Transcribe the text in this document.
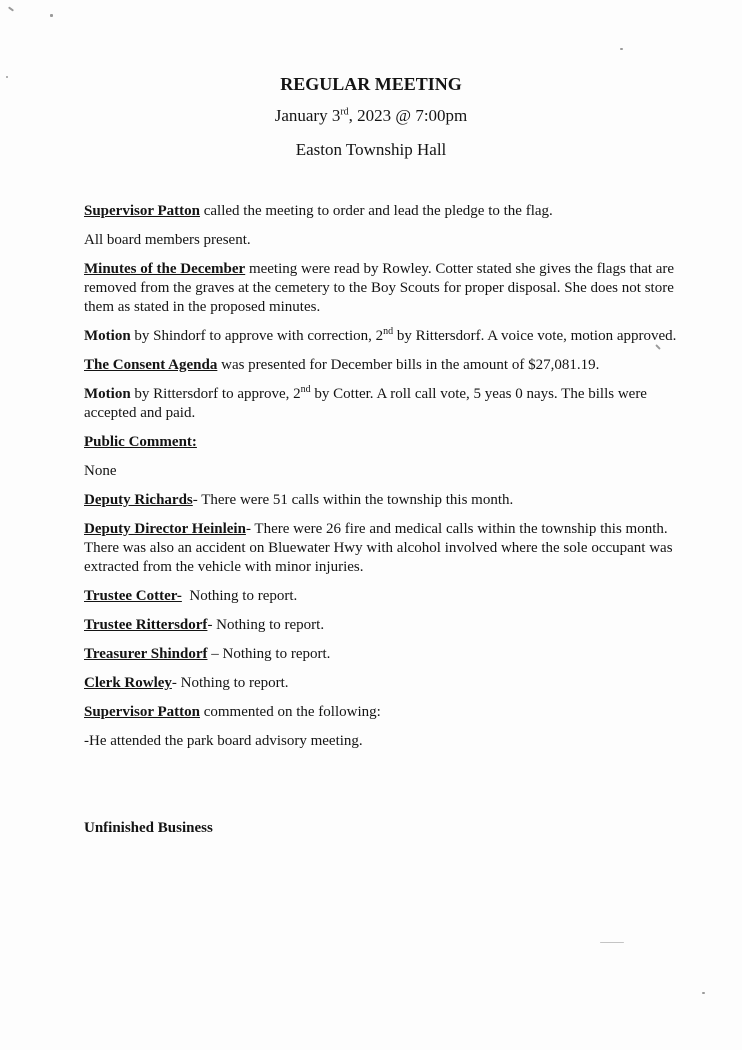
REGULAR MEETING
January 3rd, 2023 @ 7:00pm
Easton Township Hall

Supervisor Patton called the meeting to order and lead the pledge to the flag.

All board members present.

Minutes of the December meeting were read by Rowley. Cotter stated she gives the flags that are removed from the graves at the cemetery to the Boy Scouts for proper disposal. She does not store them as stated in the proposed minutes.

Motion by Shindorf to approve with correction, 2nd by Rittersdorf. A voice vote, motion approved.

The Consent Agenda was presented for December bills in the amount of $27,081.19.

Motion by Rittersdorf to approve, 2nd by Cotter. A roll call vote, 5 yeas 0 nays. The bills were accepted and paid.

Public Comment:

None

Deputy Richards- There were 51 calls within the township this month.

Deputy Director Heinlein- There were 26 fire and medical calls within the township this month. There was also an accident on Bluewater Hwy with alcohol involved where the sole occupant was extracted from the vehicle with minor injuries.

Trustee Cotter-  Nothing to report.

Trustee Rittersdorf- Nothing to report.

Treasurer Shindorf – Nothing to report.

Clerk Rowley- Nothing to report.

Supervisor Patton commented on the following:

-He attended the park board advisory meeting.

Unfinished Business
